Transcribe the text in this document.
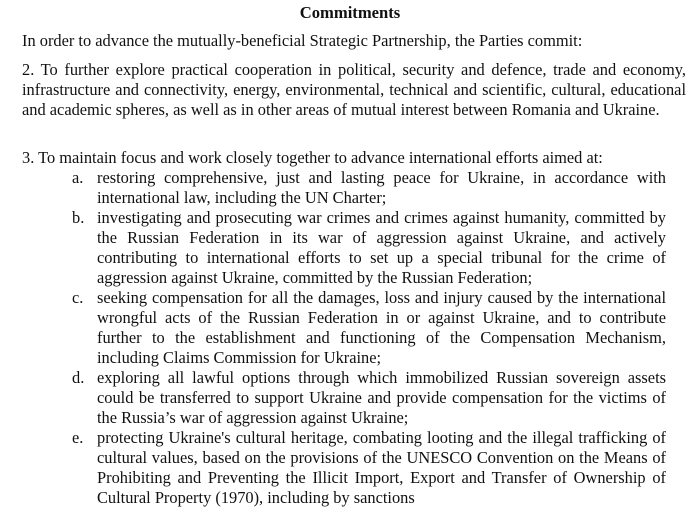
Commitments

In order to advance the mutually-beneficial Strategic Partnership, the Parties commit:

2. To further explore practical cooperation in political, security and defence, trade and economy, infrastructure and connectivity, energy, environmental, technical and scientific, cultural, educational and academic spheres, as well as in other areas of mutual interest between Romania and Ukraine.

3. To maintain focus and work closely together to advance international efforts aimed at:

a. restoring comprehensive, just and lasting peace for Ukraine, in accordance with international law, including the UN Charter;
b. investigating and prosecuting war crimes and crimes against humanity, committed by the Russian Federation in its war of aggression against Ukraine, and actively contributing to international efforts to set up a special tribunal for the crime of aggression against Ukraine, committed by the Russian Federation;
c. seeking compensation for all the damages, loss and injury caused by the international wrongful acts of the Russian Federation in or against Ukraine, and to contribute further to the establishment and functioning of the Compensation Mechanism, including Claims Commission for Ukraine;
d. exploring all lawful options through which immobilized Russian sovereign assets could be transferred to support Ukraine and provide compensation for the victims of the Russia’s war of aggression against Ukraine;
e. protecting Ukraine's cultural heritage, combating looting and the illegal trafficking of cultural values, based on the provisions of the UNESCO Convention on the Means of Prohibiting and Preventing the Illicit Import, Export and Transfer of Ownership of Cultural Property (1970), including by sanctions
